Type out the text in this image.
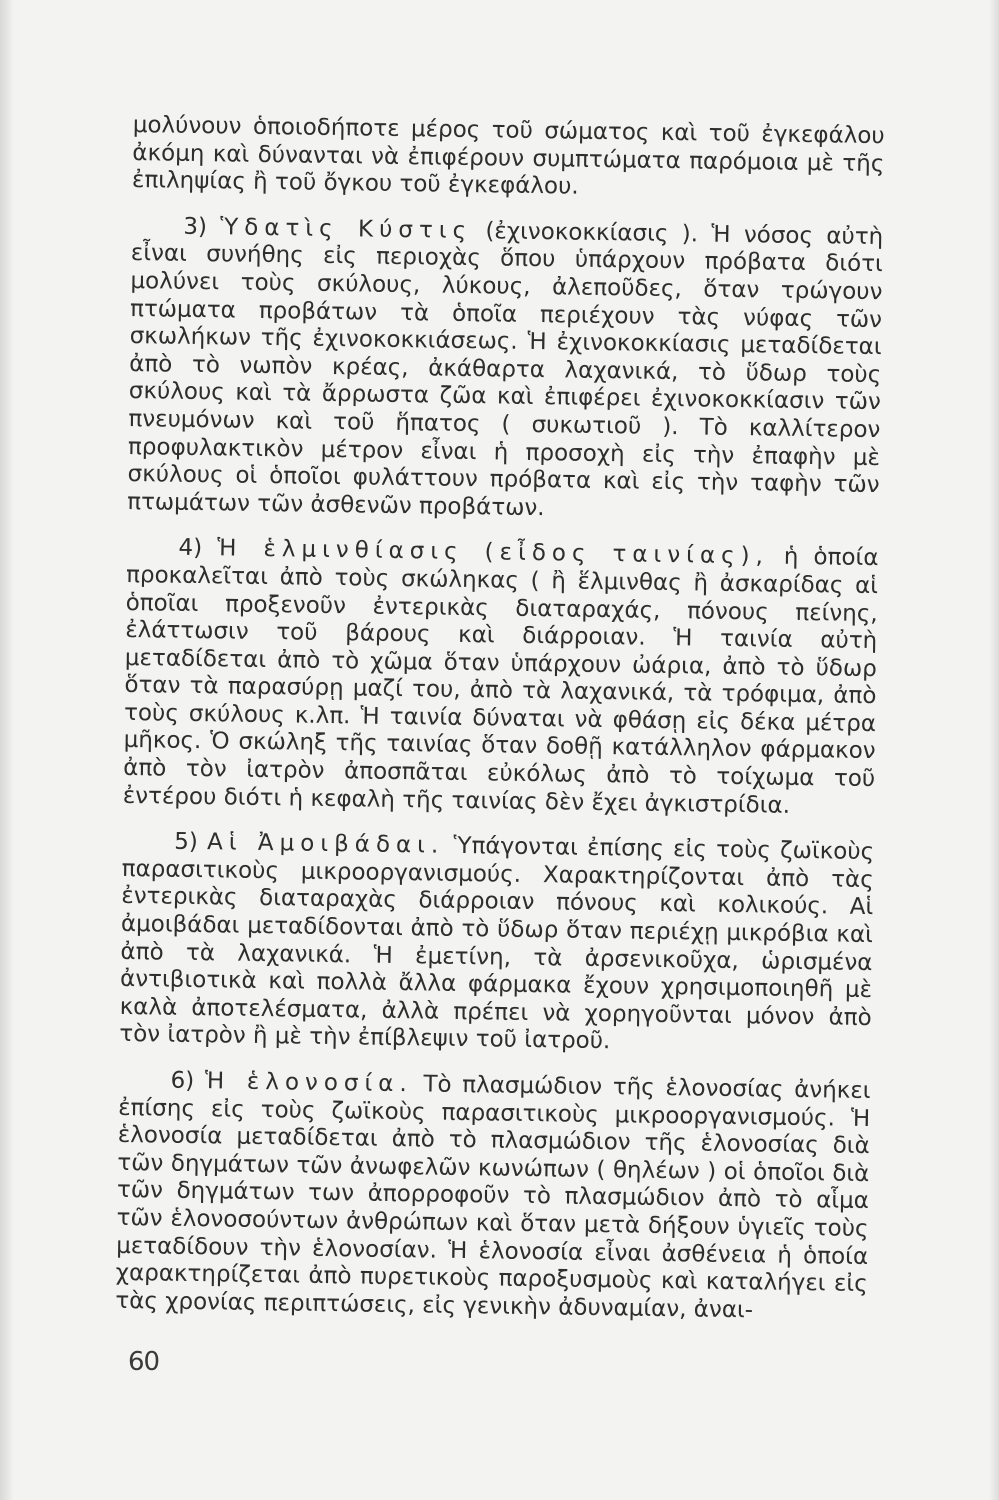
μολύνουν ὁποιοδήποτε μέρος τοῦ σώματος καὶ τοῦ ἐγκεφάλου ἀκόμη καὶ δύνανται νὰ ἐπιφέρουν συμπτώματα παρόμοια μὲ τῆς ἐπιληψίας ἢ τοῦ ὄγκου τοῦ ἐγκεφάλου.

3) Ὑδατὶς Κύστις (ἐχινοκοκκίασις ). Ἡ νόσος αὐτὴ εἶναι συνήθης εἰς περιοχὰς ὅπου ὑπάρχουν πρόβατα διότι μολύνει τοὺς σκύλους, λύκους, ἀλεποῦδες, ὅταν τρώγουν πτώματα προβάτων τὰ ὁποῖα περιέχουν τὰς νύφας τῶν σκωλήκων τῆς ἐχινοκοκκιάσεως. Ἡ ἐχινοκοκκίασις μεταδίδεται ἀπὸ τὸ νωπὸν κρέας, ἀκάθαρτα λαχανικά, τὸ ὕδωρ τοὺς σκύλους καὶ τὰ ἄρρωστα ζῶα καὶ ἐπιφέρει ἐχινοκοκκίασιν τῶν πνευμόνων καὶ τοῦ ἥπατος ( συκωτιοῦ ). Τὸ καλλίτερον προφυλακτικὸν μέτρον εἶναι ἡ προσοχὴ εἰς τὴν ἐπαφὴν μὲ σκύλους οἱ ὁποῖοι φυλάττουν πρόβατα καὶ εἰς τὴν ταφὴν τῶν πτωμάτων τῶν ἀσθενῶν προβάτων.

4) Ἡ ἑλμινθίασις (εἶδος ταινίας), ἡ ὁποία προκαλεῖται ἀπὸ τοὺς σκώληκας ( ἢ ἕλμινθας ἢ ἀσκαρίδας αἱ ὁποῖαι προξενοῦν ἐντερικὰς διαταραχάς, πόνους πείνης, ἐλάττωσιν τοῦ βάρους καὶ διάρροιαν. Ἡ ταινία αὐτὴ μεταδίδεται ἀπὸ τὸ χῶμα ὅταν ὑπάρχουν ὠάρια, ἀπὸ τὸ ὕδωρ ὅταν τὰ παρασύρῃ μαζί του, ἀπὸ τὰ λαχανικά, τὰ τρόφιμα, ἀπὸ τοὺς σκύλους κ.λπ. Ἡ ταινία δύναται νὰ φθάσῃ εἰς δέκα μέτρα μῆκος. Ὁ σκώληξ τῆς ταινίας ὅταν δοθῇ κατάλληλον φάρμακον ἀπὸ τὸν ἰατρὸν ἀποσπᾶται εὐκόλως ἀπὸ τὸ τοίχωμα τοῦ ἐντέρου διότι ἡ κεφαλὴ τῆς ταινίας δὲν ἔχει ἀγκιστρίδια.

5) Αἱ Ἀμοιβάδαι. Ὑπάγονται ἐπίσης εἰς τοὺς ζωϊκοὺς παρασιτικοὺς μικροοργανισμούς. Χαρακτηρίζονται ἀπὸ τὰς ἐντερικὰς διαταραχὰς διάρροιαν πόνους καὶ κολικούς. Αἱ ἀμοιβάδαι μεταδίδονται ἀπὸ τὸ ὕδωρ ὅταν περιέχῃ μικρόβια καὶ ἀπὸ τὰ λαχανικά. Ἡ ἐμετίνη, τὰ ἀρσενικοῦχα, ὡρισμένα ἀντιβιοτικὰ καὶ πολλὰ ἄλλα φάρμακα ἔχουν χρησιμοποιηθῆ μὲ καλὰ ἀποτελέσματα, ἀλλὰ πρέπει νὰ χορηγοῦνται μόνον ἀπὸ τὸν ἰατρὸν ἢ μὲ τὴν ἐπίβλεψιν τοῦ ἰατροῦ.

6) Ἡ ἑλονοσία. Τὸ πλασμώδιον τῆς ἑλονοσίας ἀνήκει ἐπίσης εἰς τοὺς ζωϊκοὺς παρασιτικοὺς μικροοργανισμούς. Ἡ ἑλονοσία μεταδίδεται ἀπὸ τὸ πλασμώδιον τῆς ἑλονοσίας διὰ τῶν δηγμάτων τῶν ἀνωφελῶν κωνώπων ( θηλέων ) οἱ ὁποῖοι διὰ τῶν δηγμάτων των ἀπορροφοῦν τὸ πλασμώδιον ἀπὸ τὸ αἷμα τῶν ἑλονοσούντων ἀνθρώπων καὶ ὅταν μετὰ δήξουν ὑγιεῖς τοὺς μεταδίδουν τὴν ἑλονοσίαν. Ἡ ἑλονοσία εἶναι ἀσθένεια ἡ ὁποία χαρακτηρίζεται ἀπὸ πυρετικοὺς παροξυσμοὺς καὶ καταλήγει εἰς τὰς χρονίας περιπτώσεις, εἰς γενικὴν ἀδυναμίαν, ἀναι-

60
